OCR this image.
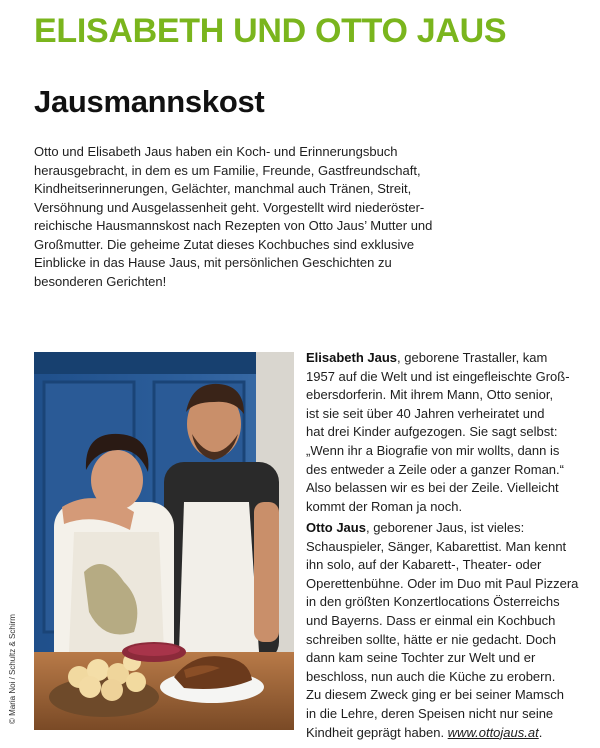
ELISABETH UND OTTO JAUS
Jausmannskost

Otto und Elisabeth Jaus haben ein Koch- und Erinnerungsbuch
herausgebracht, in dem es um Familie, Freunde, Gastfreundschaft,
Kindheitserinnerungen, Gelächter, manchmal auch Tränen, Streit,
Versöhnung und Ausgelassenheit geht. Vorgestellt wird niederöster-
reichische Hausmannskost nach Rezepten von Otto Jaus’ Mutter und
Großmutter. Die geheime Zutat dieses Kochbuches sind exklusive
Einblicke in das Hause Jaus, mit persönlichen Geschichten zu
besonderen Gerichten!

© Maria Noi / Schultz & Schirm

Elisabeth Jaus, geborene Trastaller, kam
1957 auf die Welt und ist eingefleischte Groß-
ebersdorferin. Mit ihrem Mann, Otto senior,
ist sie seit über 40 Jahren verheiratet und
hat drei Kinder aufgezogen. Sie sagt selbst:
„Wenn ihr a Biografie von mir wollts, dann is
des entweder a Zeile oder a ganzer Roman.“
Also belassen wir es bei der Zeile. Vielleicht
kommt der Roman ja noch.
Otto Jaus, geborener Jaus, ist vieles:
Schauspieler, Sänger, Kabarettist. Man kennt
ihn solo, auf der Kabarett-, Theater- oder
Operettenbühne. Oder im Duo mit Paul Pizzera
in den größten Konzertlocations Österreichs
und Bayerns. Dass er einmal ein Kochbuch
schreiben sollte, hätte er nie gedacht. Doch
dann kam seine Tochter zur Welt und er
beschloss, nun auch die Küche zu erobern.
Zu diesem Zweck ging er bei seiner Mamsch
in die Lehre, deren Speisen nicht nur seine
Kindheit geprägt haben. www.ottojaus.at.
